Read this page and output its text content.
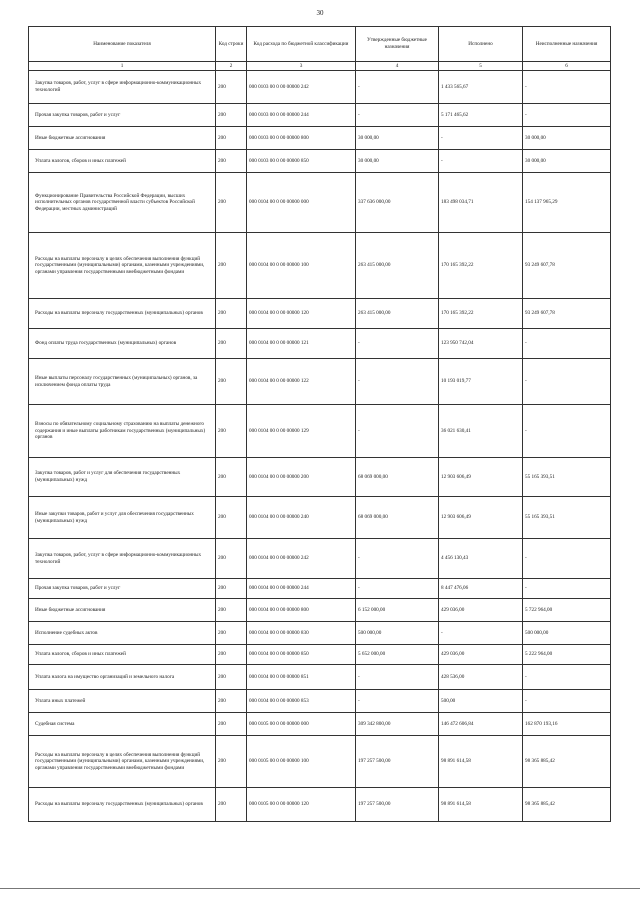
30
Наименование показателя	Код строки	Код расхода по бюджетной классификации	Утвержденные бюджетные назначения	Исполнено	Неисполненные назначения
1	2	3	4	5	6
Закупка товаров, работ, услуг в сфере информационно-коммуникационных технологий	200	000 0103 00 0 00 00000 242	-	1 433 565,67	-
Прочая закупка товаров, работ и услуг	200	000 0103 00 0 00 00000 244	-	5 171 465,62	-
Иные бюджетные ассигнования	200	000 0103 00 0 00 00000 800	30 000,00	-	30 000,00
Уплата налогов, сборов и иных платежей	200	000 0103 00 0 00 00000 850	30 000,00	-	30 000,00
Функционирование Правительства Российской Федерации, высших исполнительных органов государственной власти субъектов Российской Федерации, местных администраций	200	000 0104 00 0 00 00000 000	337 636 000,00	183 498 034,71	154 137 965,29
Расходы на выплаты персоналу в целях обеспечения выполнения функций государственными (муниципальными) органами, казенными учреждениями, органами управления государственными внебюджетными фондами	200	000 0104 00 0 00 00000 100	263 415 000,00	170 165 392,22	93 249 607,78
Расходы на выплаты персоналу государственных (муниципальных) органов	200	000 0104 00 0 00 00000 120	263 415 000,00	170 165 392,22	93 249 607,78
Фонд оплаты труда государственных (муниципальных) органов	200	000 0104 00 0 00 00000 121	-	123 950 742,04	-
Иные выплаты персоналу государственных (муниципальных) органов, за исключением фонда оплаты труда	200	000 0104 00 0 00 00000 122	-	10 193 019,77	-
Взносы по обязательному социальному страхованию на выплаты денежного содержания и иные выплаты работникам государственных (муниципальных) органов	200	000 0104 00 0 00 00000 129	-	36 021 630,41	-
Закупка товаров, работ и услуг для обеспечения государственных (муниципальных) нужд	200	000 0104 00 0 00 00000 200	68 069 000,00	12 903 606,49	55 165 393,51
Иные закупки товаров, работ и услуг для обеспечения государственных (муниципальных) нужд	200	000 0104 00 0 00 00000 240	68 069 000,00	12 903 606,49	55 165 393,51
Закупка товаров, работ, услуг в сфере информационно-коммуникационных технологий	200	000 0104 00 0 00 00000 242	-	4 456 130,43	-
Прочая закупка товаров, работ и услуг	200	000 0104 00 0 00 00000 244	-	8 447 476,06	-
Иные бюджетные ассигнования	200	000 0104 00 0 00 00000 800	6 152 000,00	429 036,00	5 722 964,00
Исполнение судебных актов	200	000 0104 00 0 00 00000 830	500 000,00	-	500 000,00
Уплата налогов, сборов и иных платежей	200	000 0104 00 0 00 00000 850	5 652 000,00	429 036,00	5 222 964,00
Уплата налога на имущество организаций и земельного налога	200	000 0104 00 0 00 00000 851	-	428 536,00	-
Уплата иных платежей	200	000 0104 00 0 00 00000 853	-	500,00	-
Судебная система	200	000 0105 00 0 00 00000 000	309 342 800,00	146 472 606,84	162 870 193,16
Расходы на выплаты персоналу в целях обеспечения выполнения функций государственными (муниципальными) органами, казенными учреждениями, органами управления государственными внебюджетными фондами	200	000 0105 00 0 00 00000 100	197 257 500,00	98 891 614,58	98 365 885,42
Расходы на выплаты персоналу государственных (муниципальных) органов	200	000 0105 00 0 00 00000 120	197 257 500,00	98 891 614,58	98 365 885,42
